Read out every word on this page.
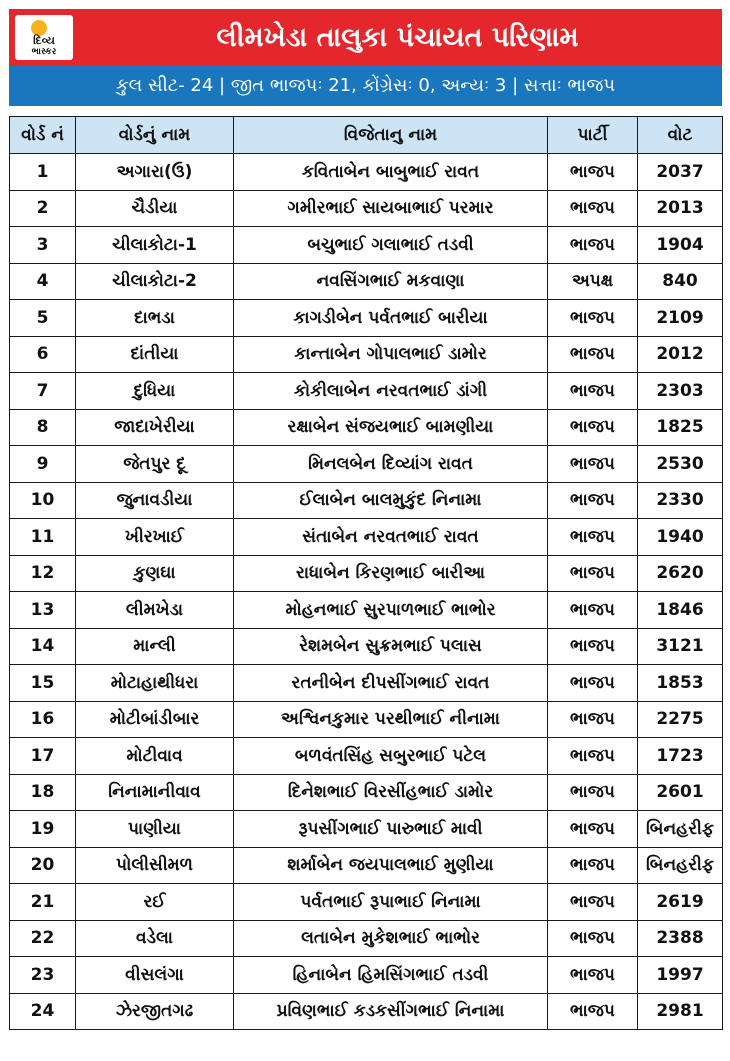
દિવ્ય
ભાસ્કર	લીમખેડા તાલુકા પંચાયત પરિણામ
કુલ સીટ- 24 | જીત ભાજપઃ 21, કોંગ્રેસઃ 0, અન્યઃ 3 | સત્તાઃ ભાજપ
વોર્ડ નં	વોર્ડનું નામ	વિજેતાનુ નામ	પાર્ટી	વોટ
1	અગારા(ઉ)	કવિતાબેન બાબુભાઈ રાવત	ભાજપ	2037
2	ચૈડીયા	ગમીરભાઈ સાયબાભાઈ પરમાર	ભાજપ	2013
3	ચીલાકોટા-1	બચુભાઈ ગલાભાઈ તડવી	ભાજપ	1904
4	ચીલાકોટા-2	નવસિંગભાઈ મકવાણા	અપક્ષ	840
5	દાભડા	કાગડીબેન પર્વતભાઈ બારીયા	ભાજપ	2109
6	દાંતીયા	કાન્તાબેન ગોપાલભાઈ ડામોર	ભાજપ	2012
7	દુધિયા	કોકીલાબેન નરવતભાઈ ડાંગી	ભાજપ	2303
8	જાદાખેરીયા	રક્ષાબેન સંજયભાઈ બામણીયા	ભાજપ	1825
9	જેતપુર દૂ	મિનલબેન દિવ્યાંગ રાવત	ભાજપ	2530
10	જુનાવડીયા	ઈલાબેન બાલમુકુંદ નિનામા	ભાજપ	2330
11	ખીરખાઈ	સંતાબેન નરવતભાઈ રાવત	ભાજપ	1940
12	કુણઘા	રાધાબેન કિરણભાઈ બારીઆ	ભાજપ	2620
13	લીમખેડા	મોહનભાઈ સુરપાળભાઈ ભાભોર	ભાજપ	1846
14	માન્લી	રેશમબેન સુક્રમભાઈ પલાસ	ભાજપ	3121
15	મોટાહાથીધરા	રતનીબેન દીપસીંગભાઈ રાવત	ભાજપ	1853
16	મોટીબાંડીબાર	અશ્વિનકુમાર પરથીભાઈ નીનામા	ભાજપ	2275
17	મોટીવાવ	બળવંતસિંહ સબુરભાઈ પટેલ	ભાજપ	1723
18	નિનામાનીવાવ	દિનેશભાઈ વિરસીંહભાઈ ડામોર	ભાજપ	2601
19	પાણીયા	રૂપસીંગભાઈ પારુભાઈ માવી	ભાજપ	બિનહરીફ
20	પોલીસીમળ	શર્માબેન જયપાલભાઈ મુણીયા	ભાજપ	બિનહરીફ
21	રઈ	પર્વતભાઈ રૂપાભાઈ નિનામા	ભાજપ	2619
22	વડેલા	લતાબેન મુકેશભાઈ ભાભોર	ભાજપ	2388
23	વીસલંગા	હિનાબેન હિમસિંગભાઈ તડવી	ભાજપ	1997
24	ઝેરજીતગઢ	પ્રવિણભાઈ કડકસીંગભાઈ નિનામા	ભાજપ	2981
